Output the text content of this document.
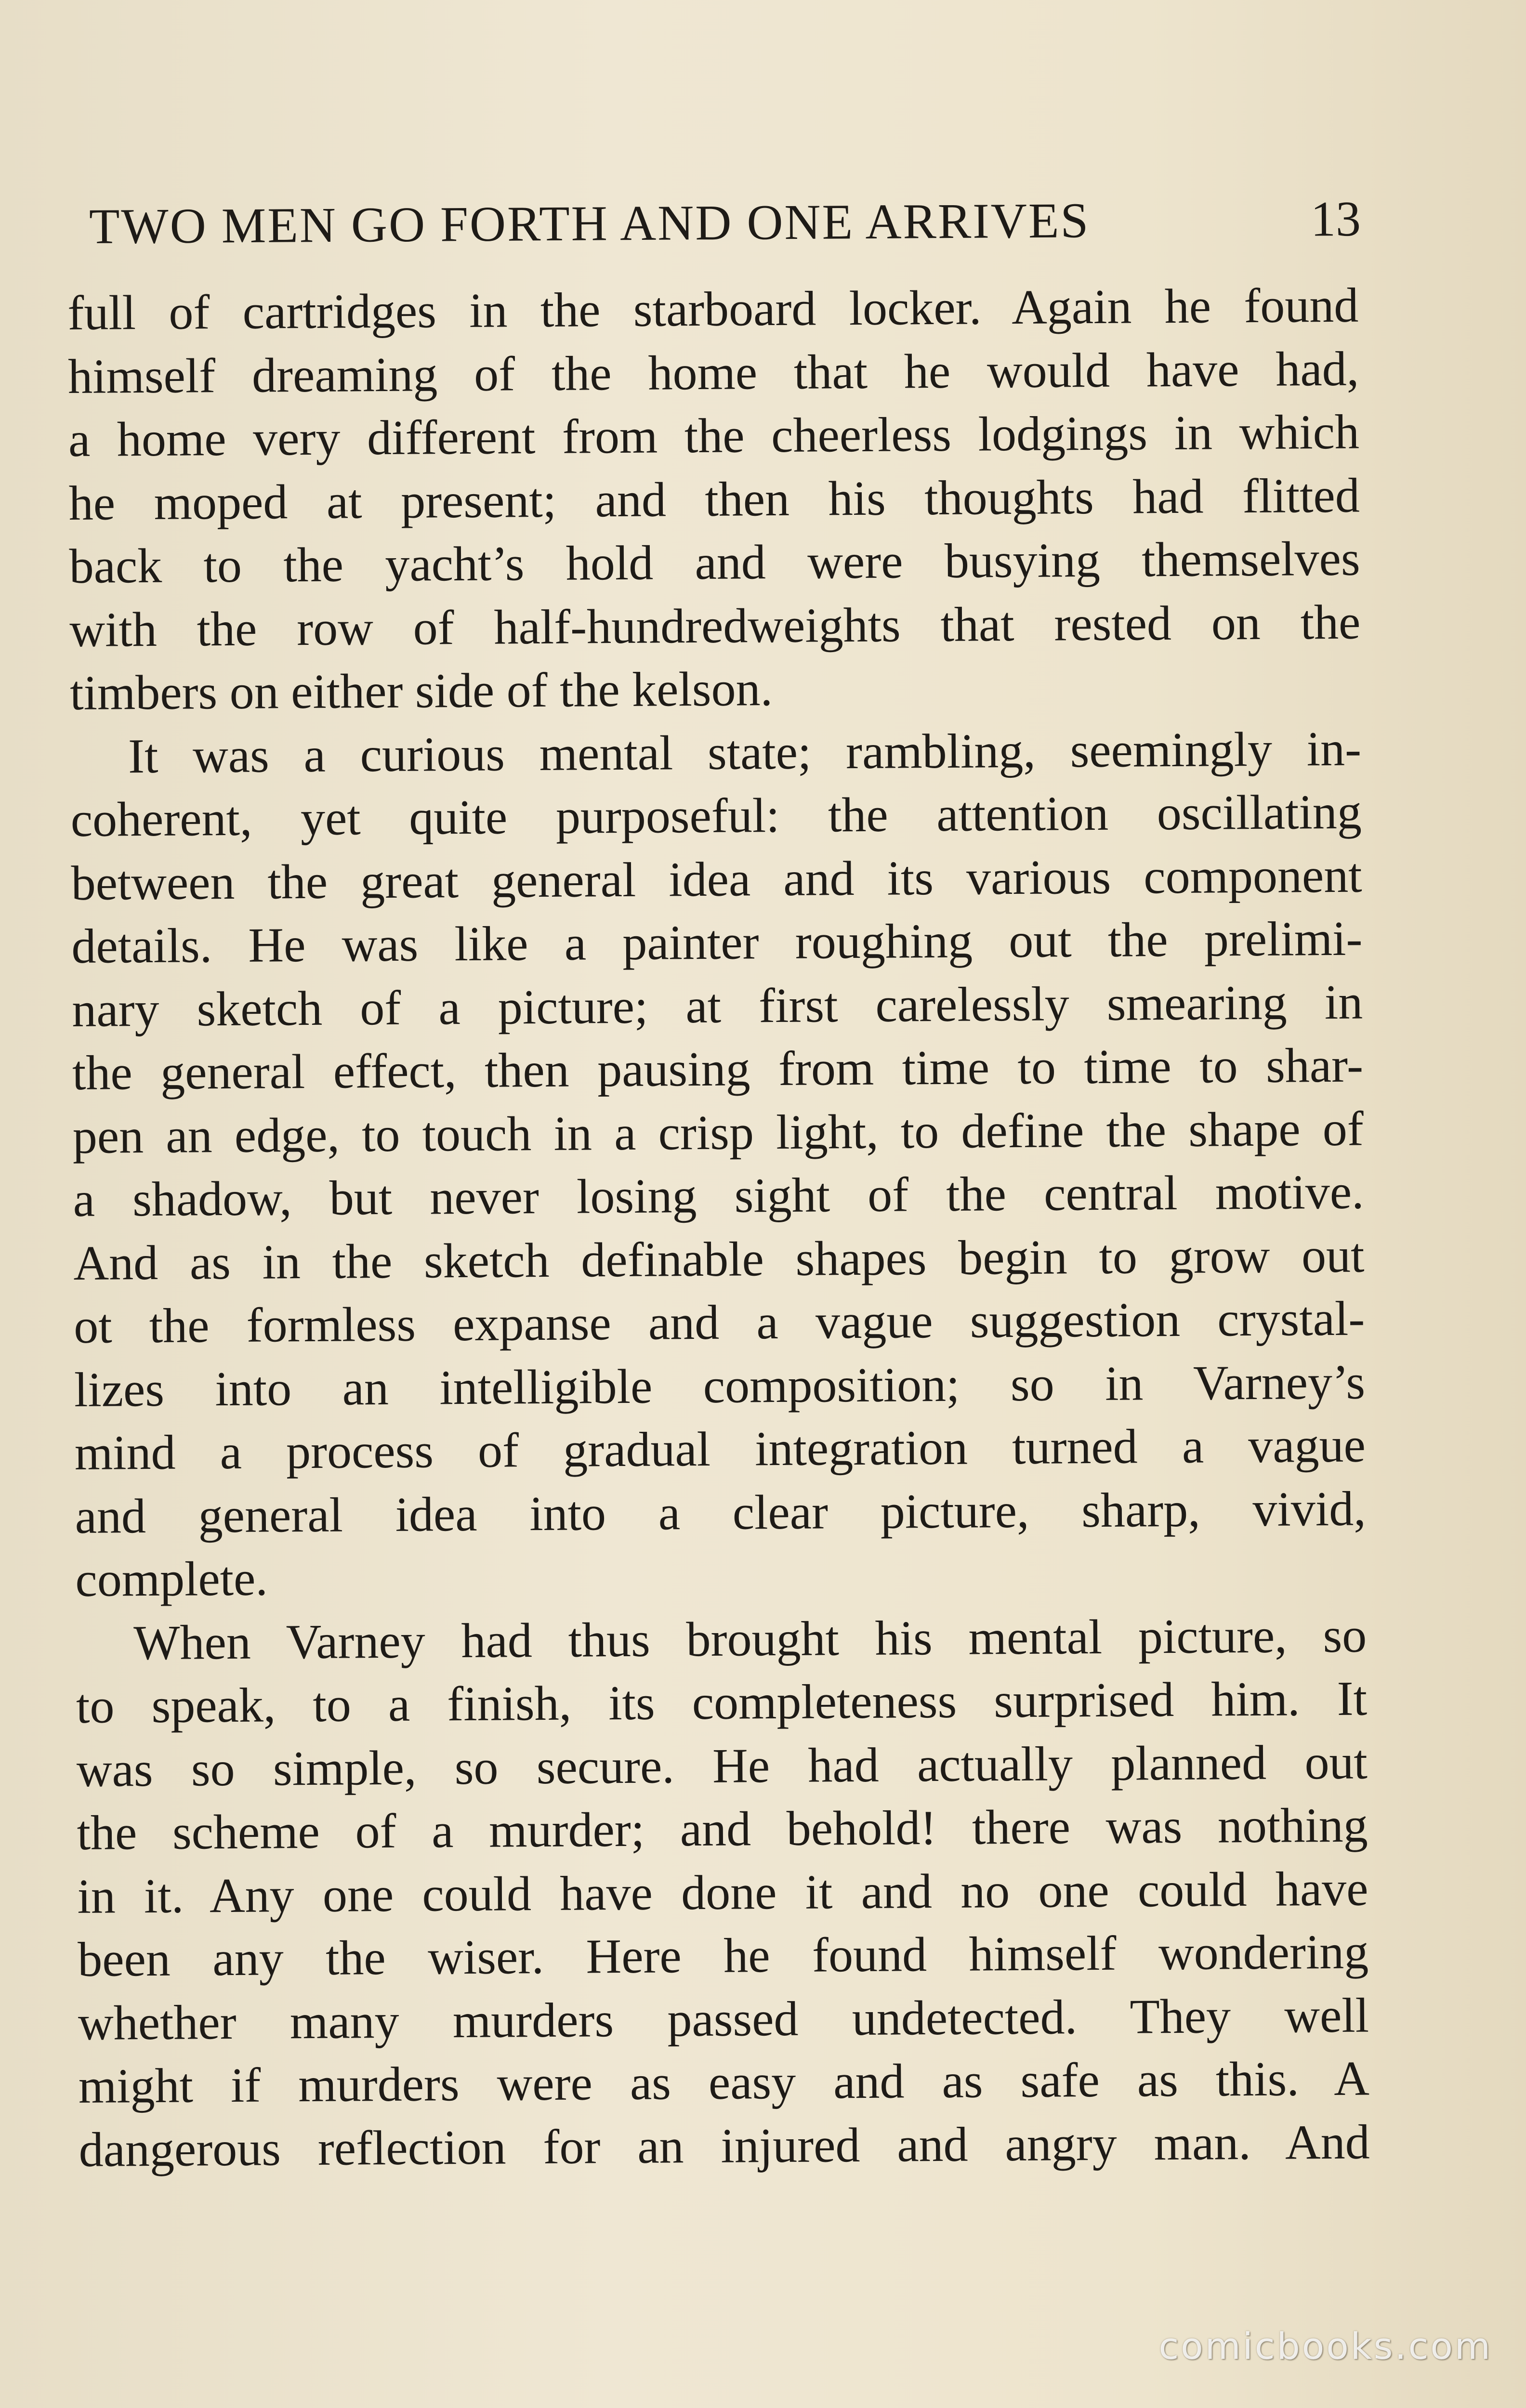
TWO MEN GO FORTH AND ONE ARRIVES	13
full of cartridges in the starboard locker. Again he found
himself dreaming of the home that he would have had,
a home very different from the cheerless lodgings in which
he moped at present; and then his thoughts had flitted
back to the yacht’s hold and were busying themselves
with the row of half-hundredweights that rested on the
timbers on either side of the kelson.
It was a curious mental state; rambling, seemingly in-
coherent, yet quite purposeful: the attention oscillating
between the great general idea and its various component
details. He was like a painter roughing out the prelimi-
nary sketch of a picture; at first carelessly smearing in
the general effect, then pausing from time to time to shar-
pen an edge, to touch in a crisp light, to define the shape of
a shadow, but never losing sight of the central motive.
And as in the sketch definable shapes begin to grow out
ot the formless expanse and a vague suggestion crystal-
lizes into an intelligible composition; so in Varney’s
mind a process of gradual integration turned a vague
and general idea into a clear picture, sharp, vivid,
complete.
When Varney had thus brought his mental picture, so
to speak, to a finish, its completeness surprised him. It
was so simple, so secure. He had actually planned out
the scheme of a murder; and behold! there was nothing
in it. Any one could have done it and no one could have
been any the wiser. Here he found himself wondering
whether many murders passed undetected. They well
might if murders were as easy and as safe as this. A
dangerous reflection for an injured and angry man. And
comicbooks.com
